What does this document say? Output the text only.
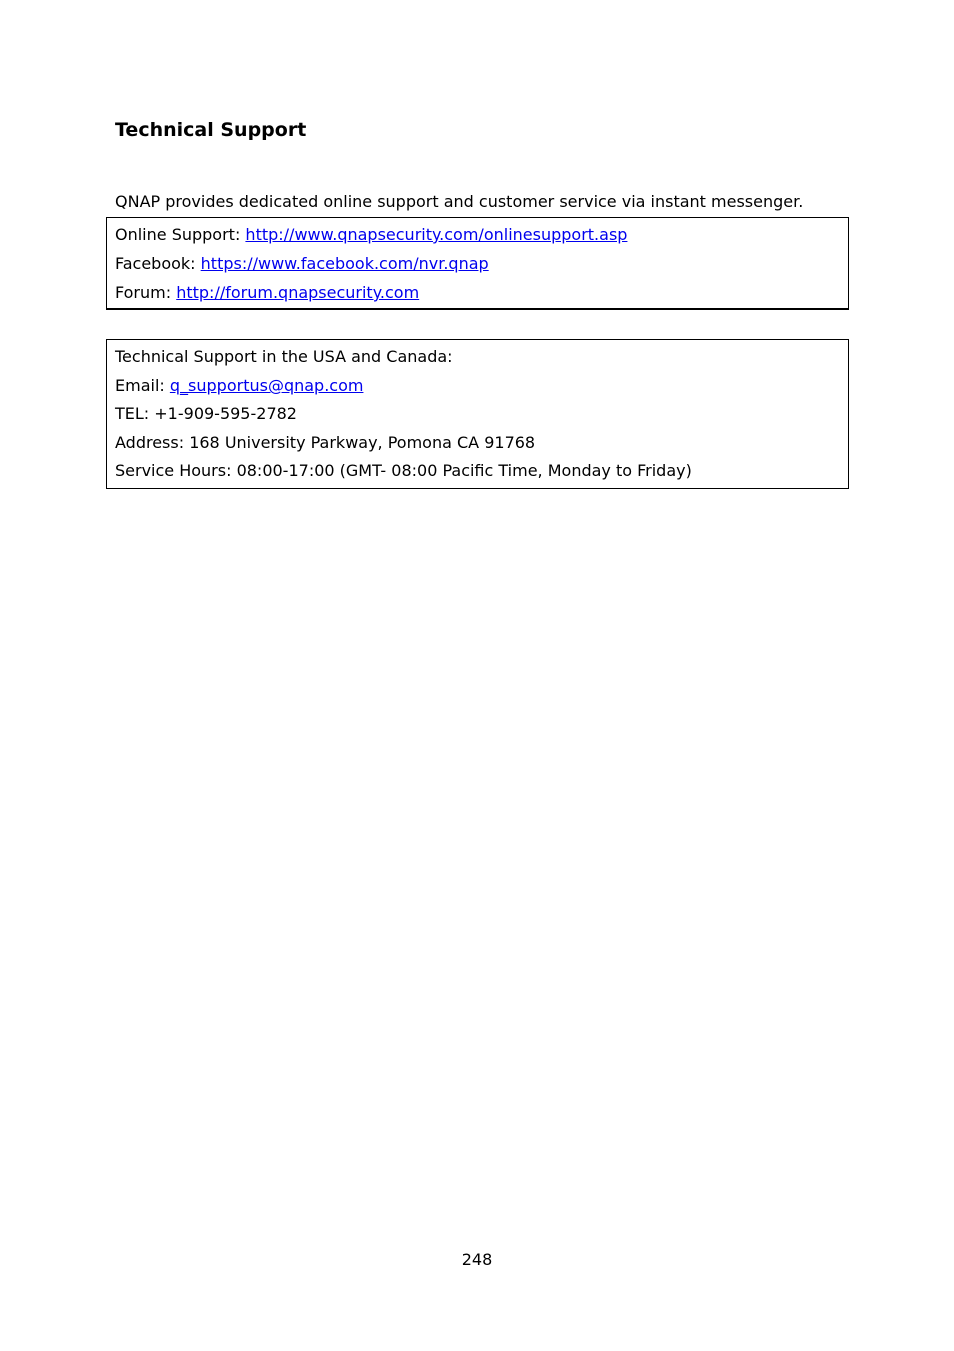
Technical Support

QNAP provides dedicated online support and customer service via instant messenger.

Online Support: http://www.qnapsecurity.com/onlinesupport.asp

Facebook: https://www.facebook.com/nvr.qnap

Forum: http://forum.qnapsecurity.com

Technical Support in the USA and Canada:

Email: q_supportus@qnap.com

TEL: +1-909-595-2782

Address: 168 University Parkway, Pomona CA 91768

Service Hours: 08:00-17:00 (GMT- 08:00 Pacific Time, Monday to Friday)

248
